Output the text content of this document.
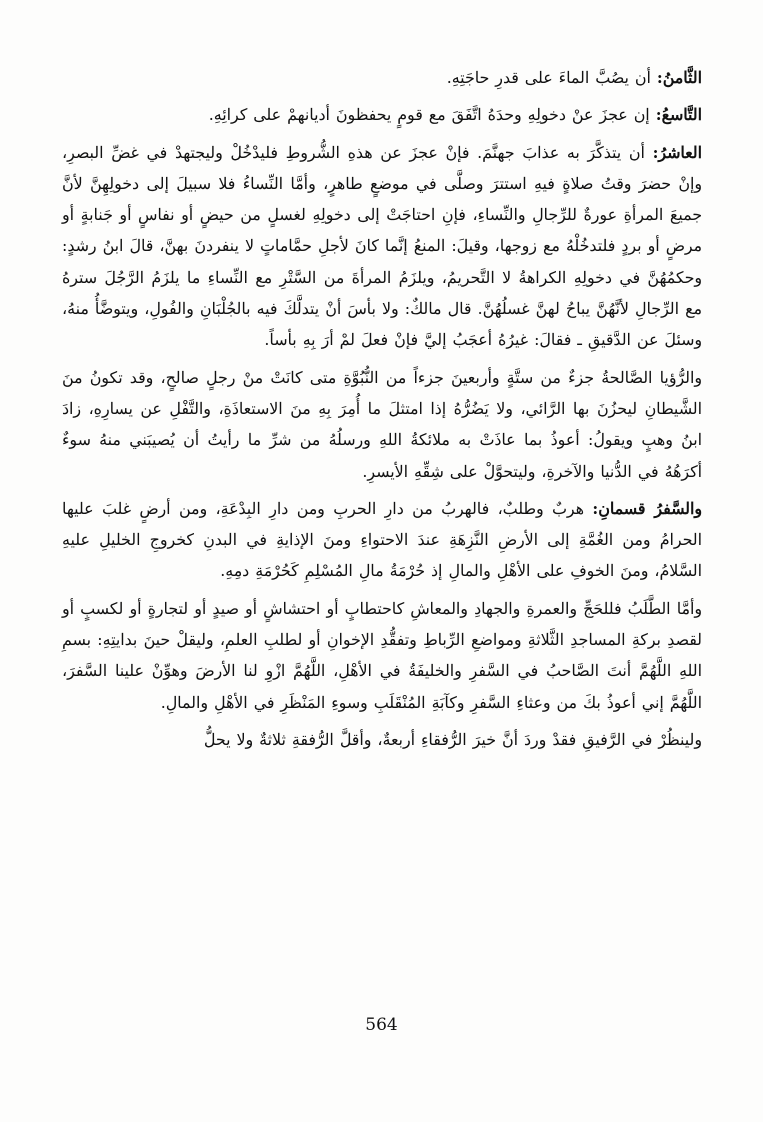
الثَّامنُ: أن يصُبَّ الماءَ على قدرِ حاجَتِهِ.

التَّاسعُ: إن عجزَ عنْ دخولِهِ وحدَهُ اتَّفَقَ مع قومٍ يحفظونَ أديانهمْ على كرائِهِ.

العاشرُ: أن يتذكَّرَ به عذابَ جهنَّمَ. فإنْ عجزَ عن هذهِ الشُّروطِ فليدْخُلْ وليجتهدْ في غضِّ البصرِ، وإنْ حضرَ وقتُ صلاةٍ فيهِ استترَ وصلَّى في موضعٍ طاهرٍ، وأمَّا النِّساءُ فلا سبيلَ إلى دخولِهِنَّ لأنَّ جميعَ المرأةِ عورةٌ للرِّجالِ والنِّساءِ، فإنِ احتاجَتْ إلى دخولِهِ لغسلٍ من حيضٍ أو نفاسٍ أو جَنابةٍ أو مرضٍ أو بردٍ فلتدخُلْهُ مع زوجها، وقيلَ: المنعُ إنَّما كانَ لأجلِ حمَّاماتٍ لا ينفردنَ بهنَّ، قالَ ابنُ رشدٍ: وحكمُهُنَّ في دخولِهِ الكراهةُ لا التَّحريمُ، ويلزَمُ المرأةَ من السَّتْرِ مع النِّساءِ ما يلزَمُ الرَّجُلَ سترهُ مع الرِّجالِ لأنَّهُنَّ يباحُ لهنَّ غسلُهُنَّ. قال مالكٌ: ولا بأسَ أنْ يتدلَّكَ فيه بالجُلْبَانِ والفُولِ، ويتوضَّأُ منهُ، وسئلَ عن الدَّقيقِ ـ فقالَ: غيرُهُ أعجَبُ إليَّ فإنْ فعلَ لمْ أرَ بِهِ بأساً.

والرُّؤيا الصَّالحةُ جزءٌ من ستَّةٍ وأربعينَ جزءاً من النُّبُوَّةِ متى كانَتْ منْ رجلٍ صالحٍ، وقد تكونُ منَ الشَّيطانِ ليحزُنَ بها الرَّائي، ولا يَضُرُّهُ إذا امتثلَ ما أُمِرَ بِهِ منَ الاستعاذَةِ، والتَّفْلِ عن يسارِهِ، زادَ ابنُ وهبٍ ويقولُ: أعوذُ بما عاذَتْ به ملائكةُ اللهِ ورسلُهُ من شرِّ ما رأيتُ أن يُصيبَني منهُ سوءٌ أكرَهُهُ في الدُّنيا والآخرةِ، وليتحوَّلْ على شِقِّهِ الأيسرِ.

والسَّفرُ قسمانِ: هربٌ وطلبٌ، فالهربُ من دارِ الحربِ ومن دارِ البِدْعَةِ، ومن أرضٍ غلبَ عليها الحرامُ ومن الغُمَّةِ إلى الأرضِ النَّزِهَةِ عندَ الاحتواءِ ومنَ الإذايةِ في البدنِ كخروجِ الخليلِ عليهِ السَّلامُ، ومنَ الخوفِ على الأهْلِ والمالِ إذ حُرْمَةُ مالِ المُسْلِمِ كَحُرْمَةِ دمِهِ.

وأمَّا الطَّلَبُ فللحَجِّ والعمرةِ والجهادِ والمعاشِ كاحتطابٍ أو احتشاشٍ أو صيدٍ أو لتجارةٍ أو لكسبٍ أو لقصدِ بركةِ المساجدِ الثَّلاثةِ ومواضعِ الرِّباطِ وتفقُّدِ الإخوانِ أو لطلبِ العلمِ، وليقلْ حينَ بدايتِهِ: بسمِ اللهِ اللَّهُمَّ أنتَ الصَّاحبُ في السَّفرِ والخليفَةُ في الأهْلِ، اللَّهُمَّ ازْوِ لنا الأرضَ وهوِّنْ علينا السَّفرَ، اللَّهُمَّ إني أعوذُ بكَ من وعثاءِ السَّفرِ وكآبَةِ المُنْقَلَبِ وسوءِ المَنْظَرِ في الأهْلِ والمالِ.

ولينظُرْ في الرَّفيقِ فقدْ وردَ أنَّ خيرَ الرُّفقاءِ أربعةٌ، وأقلَّ الرُّفقةِ ثلاثةٌ ولا يحلُّ

564
